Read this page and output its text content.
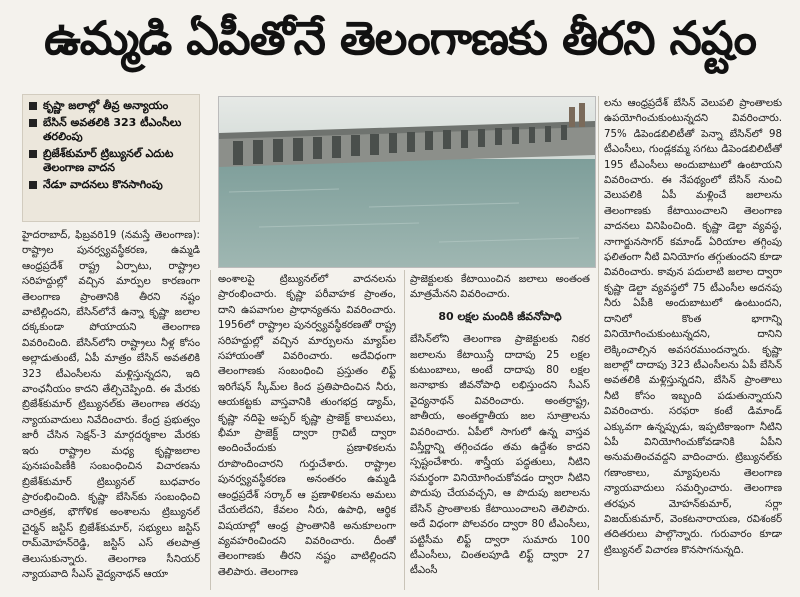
ఉమ్మడి ఏపీతోనే తెలంగాణకు తీరని నష్టం
కృష్ణా జలాల్లో తీవ్ర అన్యాయం
బేసిన్ అవతలికి 323 టీఎంసీలు తరలింపు
బ్రిజేశ్‌కుమార్ ట్రిబ్యునల్ ఎదుట తెలంగాణ వాదన
నేడూ వాదనలు కొనసాగింపు

హైదరాబాద్, ఫిబ్రవరి19 (నమస్తే తెలంగాణ): రాష్ట్రాల పునర్వ్యవస్థీకరణ, ఉమ్మడి ఆంధ్రప్రదేశ్ రాష్ట్ర ఏర్పాటు, రాష్ట్రాల సరిహద్దుల్లో వచ్చిన మార్పుల కారణంగా తెలంగాణ ప్రాంతానికి తీరని నష్టం వాటిల్లిందని, బేసిన్‌లోనే ఉన్నా కృష్ణా జలాల దక్కకుండా పోయాయని తెలంగాణ వివరించింది. బేసిన్‌లోని రాష్ట్రాలు నీళ్ల కోసం అల్లాడుతుంటే, ఏపీ మాత్రం బేసిన్ అవతలికి 323 టీఎంసీలను మళ్లిస్తున్నదని, ఇది వాంఛనీయం కాదని తేల్చిచెప్పింది. ఈ మేరకు బ్రిజేశ్‌కుమార్ ట్రిబ్యునల్‌కు తెలంగాణ తరపు న్యాయవాదులు నివేదించారు. కేంద్ర ప్రభుత్వం జారీ చేసిన సెక్షన్-3 మార్గదర్శకాల మేరకు ఇరు రాష్ట్రాల మధ్య కృష్ణాజలాల పునఃపంపిణీకి సంబంధించిన విచారణను బ్రిజేశ్‌కుమార్ ట్రిబ్యునల్ బుధవారం ప్రారంభించింది. కృష్ణా బేసిన్‌కు సంబంధించి చారిత్రక, భౌగోళిక అంశాలను ట్రిబ్యునల్ చైర్మన్ జస్టిస్ బ్రిజేశ్‌కుమార్, సభ్యులు జస్టిస్ రామ్‌మోహన్‌రెడ్డి, జస్టిస్ ఎస్ తలపాత్ర తెలుసుకున్నారు. తెలంగాణ సీనియర్ న్యాయవాది సీఎస్ వైద్యనాథన్ ఆయా

అంశాలపై ట్రిబ్యునల్‌లో వాదనలను ప్రారంభించారు. కృష్ణా పరీవాహక ప్రాంతం, దాని ఉపవాగుల ప్రాధాన్యతను వివరించారు. 1956లో రాష్ట్రాల పునర్వ్యవస్థీకరణతో రాష్ట్ర సరిహద్దుల్లో వచ్చిన మార్పులను మ్యాప్‌ల సహాయంతో వివరించారు. అదేవిధంగా తెలంగాణకు సంబంధించి ప్రస్తుతం లిఫ్ట్ ఇరిగేషన్ స్కీమ్‌ల కింద ప్రతిపాదించిన నీరు, ఆయకట్టకు వాస్తవానికి తుంగభద్ర డ్యామ్, కృష్ణా నదిపై అప్పర్ కృష్ణా ప్రాజెక్ట్ కాలువలు, భీమా ప్రాజెక్ట్ ద్వారా గ్రావిటీ ద్వారా అందించేందుకు ప్రణాళికలను రూపొందించారని గుర్తుచేశారు. రాష్ట్రాల పునర్వ్యవస్థీకరణ అనంతరం ఉమ్మడి ఆంధ్రప్రదేశ్ సర్కార్ ఆ ప్రణాళికలను అమలు చేయలేదని, కేవలం నీరు, ఉపాధి, ఆర్థిక విషయాల్లో ఆంధ్ర ప్రాంతానికి అనుకూలంగా వ్యవహరించిందని వివరించారు. దీంతో తెలంగాణకు తీరని నష్టం వాటిల్లిందని తెలిపారు. తెలంగాణ

ప్రాజెక్టులకు కేటాయించిన జలాలు అంతంత మాత్రమేనని వివరించారు.

80 లక్షల మందికి జీవనోపాధి

బేసిన్‌లోని తెలంగాణ ప్రాజెక్టులకు నికర జలాలను కేటాయిస్తే దాదాపు 25 లక్షల కుటుంబాలు, అంటే దాదాపు 80 లక్షల జనాభాకు జీవనోపాధి లభిస్తుందని సీఎస్ వైద్యనాథన్ వివరించారు. అంతర్రాష్ట్ర, జాతీయ, అంతర్జాతీయ జల సూత్రాలను వివరించారు. ఏపీలో సాగులో ఉన్న వాస్తవ విస్తీర్ణాన్ని తగ్గించడం తమ ఉద్దేశం కాదని స్పష్టంచేశారు. శాస్త్రీయ పద్ధతులు, నీటిని సమర్థంగా వినియోగించుకోవడం ద్వారా నీటిని పొదుపు చేయవచ్చని, ఆ పొదుపు జలాలను బేసిన్ ప్రాంతాలకు కేటాయించాలని తెలిపారు. అదే విధంగా పోలవరం ద్వారా 80 టీఎంసీలు, పట్టిసీమ లిఫ్ట్ ద్వారా సుమారు 100 టీఎంసీలు, చింతలపూడి లిఫ్ట్ ద్వారా 27 టీఎంసీ

లను ఆంధ్రప్రదేశ్ బేసిన్ వెలుపలి ప్రాంతాలకు ఉపయోగించుకుంటున్నదని వివరించారు. 75% డిపెండబిలిటీతో పెన్నా బేసిన్‌లో 98 టీఎంసీలు, గుండ్లకమ్మ సగటు డిపెండబిలిటీతో 195 టీఎంసీలు అందుబాటులో ఉంటాయని వివరించారు. ఈ నేపథ్యంలో బేసిన్ నుంచి వెలుపలికి ఏపీ మళ్లించే జలాలను తెలంగాణకు కేటాయించాలని తెలంగాణ వాదనలు వినిపించింది. కృష్ణా డెల్టా వ్యవస్థ, నాగార్జునసాగర్ కమాండ్ ఏరియాల తగ్గింపు ఫలితంగా నీటి వినియోగం తగ్గుతుందని కూడా వివరించారు. కావున పదులాటి జలాల ద్వారా కృష్ణా డెల్టా వ్యవస్థలో 75 టీఎంసీల అదనపు నీరు ఏపీకి అందుబాటులో ఉంటుందని, దానిలో కొంత భాగాన్ని వినియోగించుకుంటున్నదని, దానిని లెక్కించాల్సిన అవసరముందన్నారు. కృష్ణా జలాల్లో దాదాపు 323 టీఎంసీలను ఏపీ బేసిన్ అవతలికి మళ్లిస్తున్నదని, బేసిన్ ప్రాంతాలు నీటి కోసం ఇబ్బంది పడుతున్నాయని వివరించారు. సరఫరా కంటే డిమాండ్ ఎక్కువగా ఉన్నప్పుడు, ఇప్పటికాఇంగా నీటిని ఏపీ వినియోగించుకోవడానికి ఏపీని అనుమతించవద్దని వాదించారు. ట్రిబ్యునల్‌కు గణాంకాలు, మ్యాపులను తెలంగాణ న్యాయవాదులు సమర్పించారు. తెలంగాణ తరఫున మోహన్‌కుమార్, సర్లా విజయ్‌కుమార్, వెంకటనారాయణ, రవిశంకర్ తదితరులు పాల్గొన్నారు. గురువారం కూడా ట్రిబ్యునల్ విచారణ కొనసాగనున్నది.
